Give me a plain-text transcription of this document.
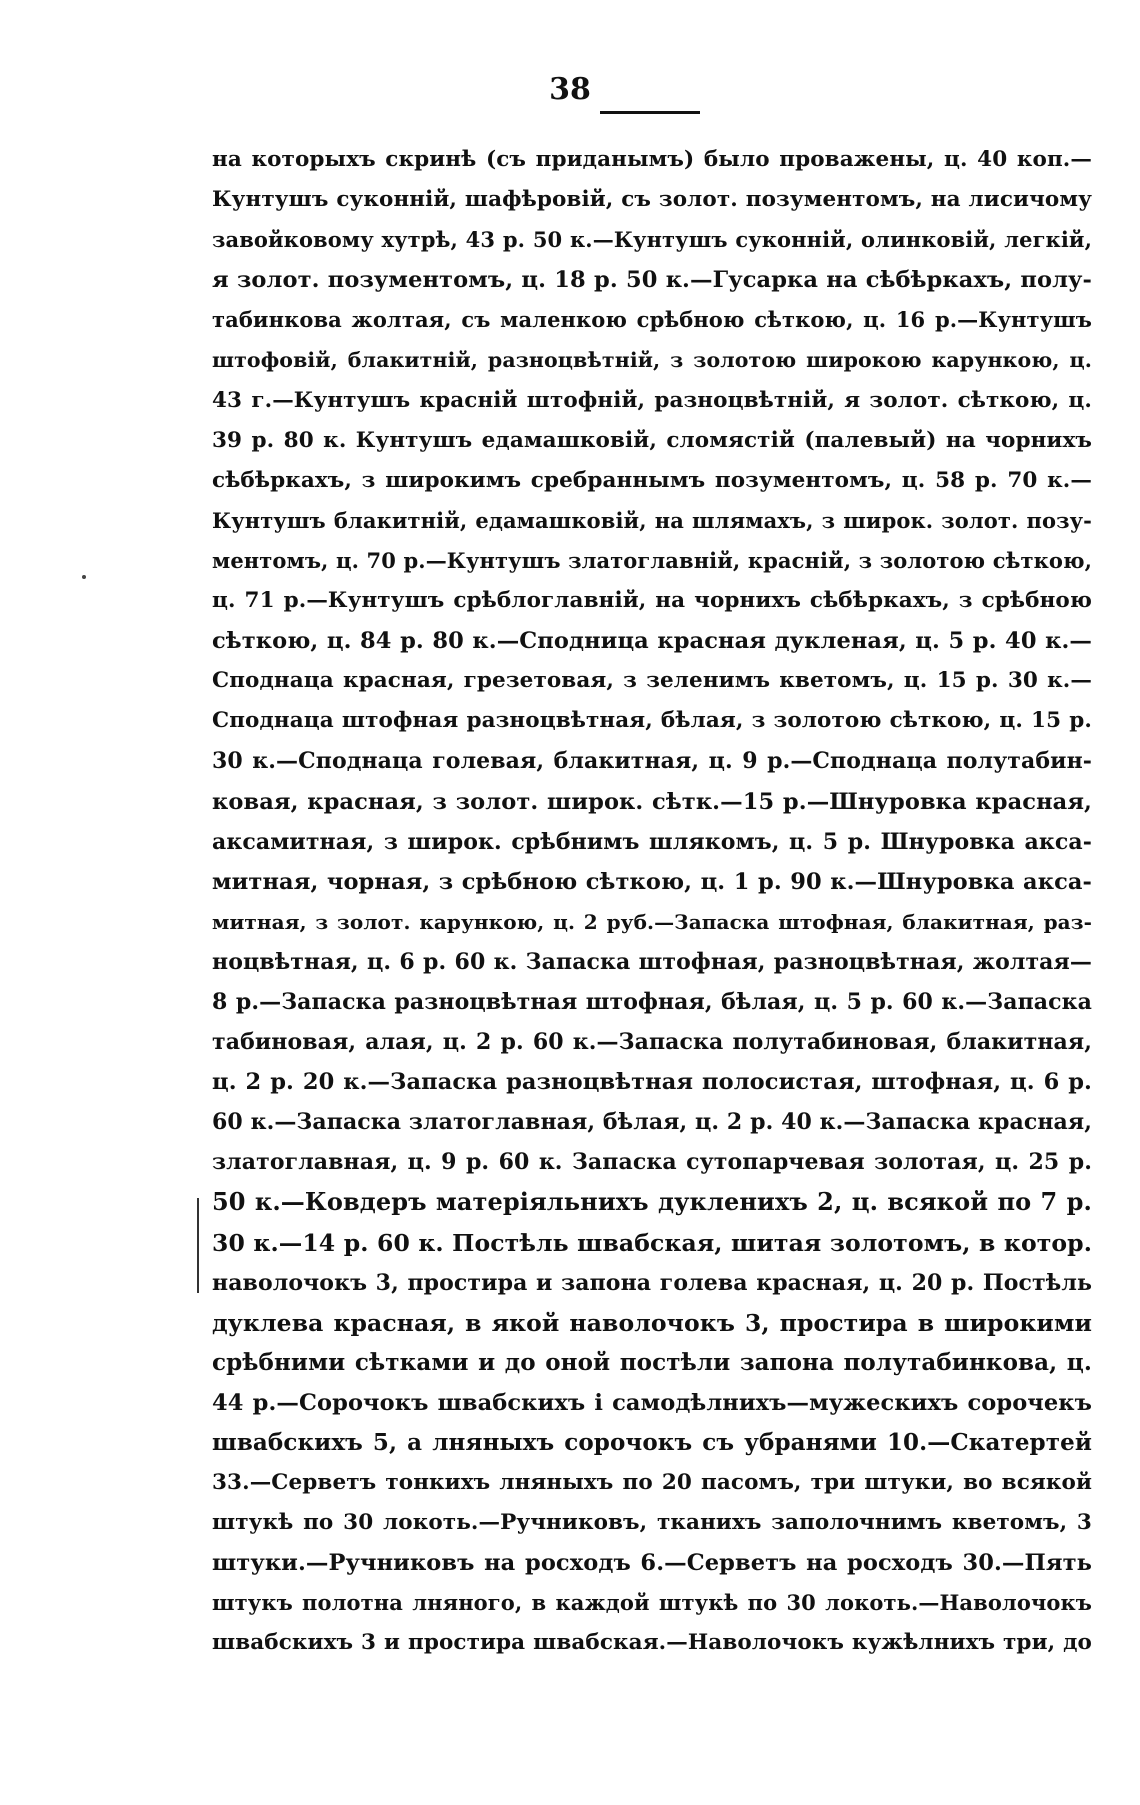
38
на которыхъ скринѣ (съ приданымъ) было проважены, ц. 40 коп.—
Кунтушъ суконній, шафѣровій, съ золот. позументомъ, на лисичому
завойковому хутрѣ, 43 р. 50 к.—Кунтушъ суконній, олинковій, легкій,
я золот. позументомъ, ц. 18 р. 50 к.—Гусарка на сѣбѣркахъ, полу-
табинкова жолтая, съ маленкою срѣбною сѣткою, ц. 16 р.—Кунтушъ
штофовій, блакитній, разноцвѣтній, з золотою широкою карункою, ц.
43 г.—Кунтушъ красній штофній, разноцвѣтній, я золот. сѣткою, ц.
39 р. 80 к. Кунтушъ едамашковій, сломястій (палевый) на чорнихъ
сѣбѣркахъ, з широкимъ сребраннымъ позументомъ, ц. 58 р. 70 к.—
Кунтушъ блакитній, едамашковій, на шлямахъ, з широк. золот. позу-
ментомъ, ц. 70 р.—Кунтушъ златоглавній, красній, з золотою сѣткою,
ц. 71 р.—Кунтушъ срѣблоглавній, на чорнихъ сѣбѣркахъ, з срѣбною
сѣткою, ц. 84 р. 80 к.—Сподница красная дукленая, ц. 5 р. 40 к.—
Споднаца красная, грезетовая, з зеленимъ кветомъ, ц. 15 р. 30 к.—
Споднаца штофная разноцвѣтная, бѣлая, з золотою сѣткою, ц. 15 р.
30 к.—Споднаца голевая, блакитная, ц. 9 р.—Споднаца полутабин-
ковая, красная, з золот. широк. сѣтк.—15 р.—Шнуровка красная,
аксамитная, з широк. срѣбнимъ шлякомъ, ц. 5 р. Шнуровка акса-
митная, чорная, з срѣбною сѣткою, ц. 1 р. 90 к.—Шнуровка акса-
митная, з золот. карункою, ц. 2 руб.—Запаска штофная, блакитная, раз-
ноцвѣтная, ц. 6 р. 60 к. Запаска штофная, разноцвѣтная, жолтая—
8 р.—Запаска разноцвѣтная штофная, бѣлая, ц. 5 р. 60 к.—Запаска
табиновая, алая, ц. 2 р. 60 к.—Запаска полутабиновая, блакитная,
ц. 2 р. 20 к.—Запаска разноцвѣтная полосистая, штофная, ц. 6 р.
60 к.—Запаска златоглавная, бѣлая, ц. 2 р. 40 к.—Запаска красная,
златоглавная, ц. 9 р. 60 к. Запаска сутопарчевая золотая, ц. 25 р.
50 к.—Ковдеръ матеріяльнихъ дукленихъ 2, ц. всякой по 7 р.
30 к.—14 р. 60 к. Постѣль швабская, шитая золотомъ, в котор.
наволочокъ 3, простира и запона голева красная, ц. 20 р. Постѣль
дуклева красная, в якой наволочокъ 3, простира в широкими
срѣбними сѣтками и до оной постѣли запона полутабинкова, ц.
44 р.—Сорочокъ швабскихъ і самодѣлнихъ—мужескихъ сорочекъ
швабскихъ 5, а лняныхъ сорочокъ съ убранями 10.—Скатертей
33.—Серветъ тонкихъ лняныхъ по 20 пасомъ, три штуки, во всякой
штукѣ по 30 локоть.—Ручниковъ, тканихъ заполочнимъ кветомъ, 3
штуки.—Ручниковъ на росходъ 6.—Серветъ на росходъ 30.—Пять
штукъ полотна лняного, в каждой штукѣ по 30 локоть.—Наволочокъ
швабскихъ 3 и простира швабская.—Наволочокъ кужѣлнихъ три, до
